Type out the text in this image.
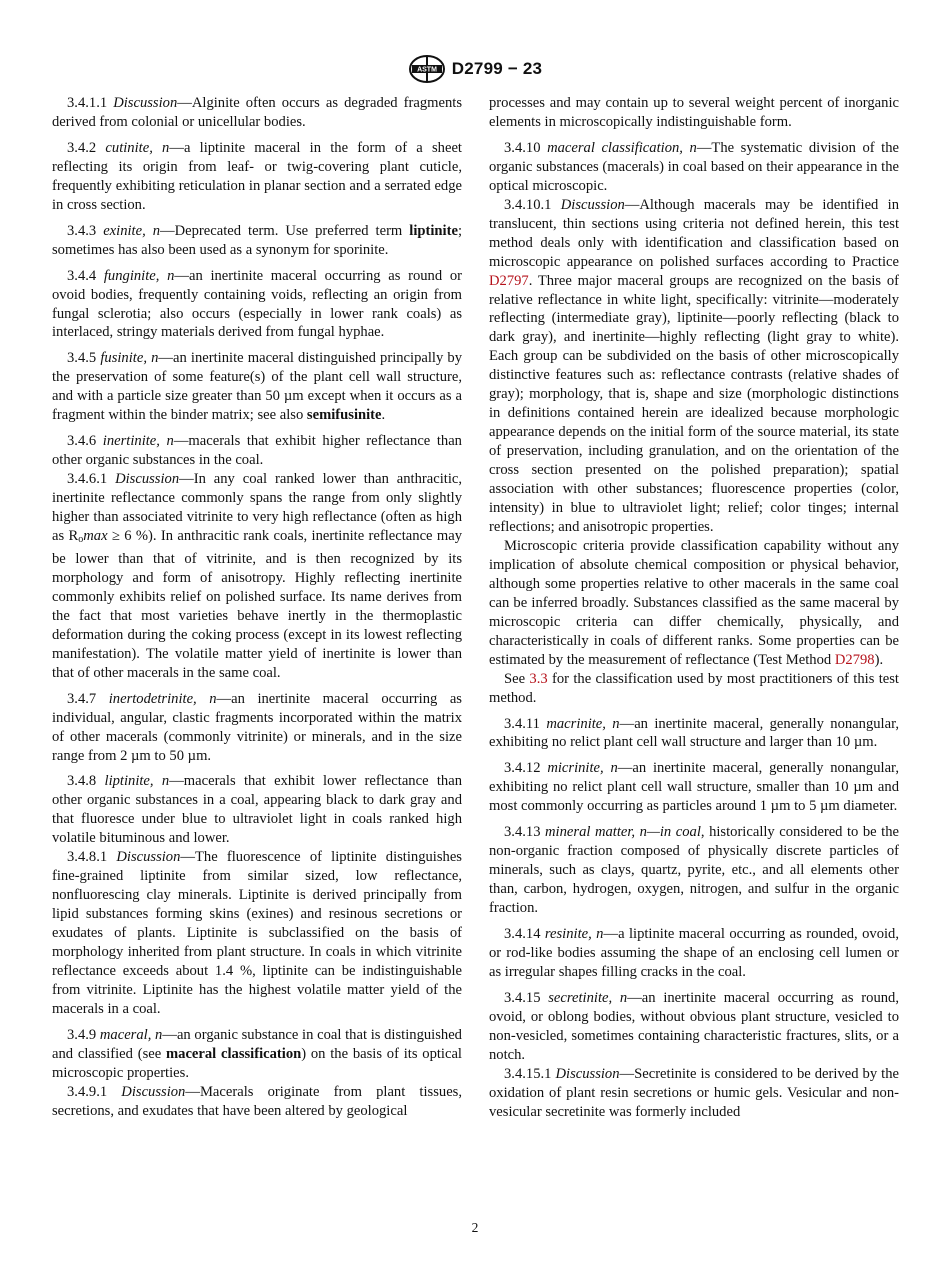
ASTM D2799 − 23

3.4.1.1 Discussion—Alginite often occurs as degraded fragments derived from colonial or unicellular bodies.

3.4.2 cutinite, n—a liptinite maceral in the form of a sheet reflecting its origin from leaf- or twig-covering plant cuticle, frequently exhibiting reticulation in planar section and a serrated edge in cross section.

3.4.3 exinite, n—Deprecated term. Use preferred term liptinite; sometimes has also been used as a synonym for sporinite.

3.4.4 funginite, n—an inertinite maceral occurring as round or ovoid bodies, frequently containing voids, reflecting an origin from fungal sclerotia; also occurs (especially in lower rank coals) as interlaced, stringy materials derived from fungal hyphae.

3.4.5 fusinite, n—an inertinite maceral distinguished principally by the preservation of some feature(s) of the plant cell wall structure, and with a particle size greater than 50 µm except when it occurs as a fragment within the binder matrix; see also semifusinite.

3.4.6 inertinite, n—macerals that exhibit higher reflectance than other organic substances in the coal.

3.4.6.1 Discussion—In any coal ranked lower than anthracitic, inertinite reflectance commonly spans the range from only slightly higher than associated vitrinite to very high reflectance (often as high as $R_o\max \ge 6$ %). In anthracitic rank coals, inertinite reflectance may be lower than that of vitrinite, and is then recognized by its morphology and form of anisotropy. Highly reflecting inertinite commonly exhibits relief on polished surface. Its name derives from the fact that most varieties behave inertly in the thermoplastic deformation during the coking process (except in its lowest reflecting manifestation). The volatile matter yield of inertinite is lower than that of other macerals in the same coal.

3.4.7 inertodetrinite, n—an inertinite maceral occurring as individual, angular, clastic fragments incorporated within the matrix of other macerals (commonly vitrinite) or minerals, and in the size range from 2 µm to 50 µm.

3.4.8 liptinite, n—macerals that exhibit lower reflectance than other organic substances in a coal, appearing black to dark gray and that fluoresce under blue to ultraviolet light in coals ranked high volatile bituminous and lower.

3.4.8.1 Discussion—The fluorescence of liptinite distinguishes fine-grained liptinite from similar sized, low reflectance, nonfluorescing clay minerals. Liptinite is derived principally from lipid substances forming skins (exines) and resinous secretions or exudates of plants. Liptinite is subclassified on the basis of morphology inherited from plant structure. In coals in which vitrinite reflectance exceeds about 1.4 %, liptinite can be indistinguishable from vitrinite. Liptinite has the highest volatile matter yield of the macerals in a coal.

3.4.9 maceral, n—an organic substance in coal that is distinguished and classified (see maceral classification) on the basis of its optical microscopic properties.

3.4.9.1 Discussion—Macerals originate from plant tissues, secretions, and exudates that have been altered by geological

processes and may contain up to several weight percent of inorganic elements in microscopically indistinguishable form.

3.4.10 maceral classification, n—The systematic division of the organic substances (macerals) in coal based on their appearance in the optical microscopic.

3.4.10.1 Discussion—Although macerals may be identified in translucent, thin sections using criteria not defined herein, this test method deals only with identification and classification based on microscopic appearance on polished surfaces according to Practice D2797. Three major maceral groups are recognized on the basis of relative reflectance in white light, specifically: vitrinite—moderately reflecting (intermediate gray), liptinite—poorly reflecting (black to dark gray), and inertinite—highly reflecting (light gray to white). Each group can be subdivided on the basis of other microscopically distinctive features such as: reflectance contrasts (relative shades of gray); morphology, that is, shape and size (morphologic distinctions in definitions contained herein are idealized because morphologic appearance depends on the initial form of the source material, its state of preservation, including granulation, and on the orientation of the cross section presented on the polished preparation); spatial association with other substances; fluorescence properties (color, intensity) in blue to ultraviolet light; relief; color tinges; internal reflections; and anisotropic properties.

Microscopic criteria provide classification capability without any implication of absolute chemical composition or physical behavior, although some properties relative to other macerals in the same coal can be inferred broadly. Substances classified as the same maceral by microscopic criteria can differ chemically, physically, and characteristically in coals of different ranks. Some properties can be estimated by the measurement of reflectance (Test Method D2798).

See 3.3 for the classification used by most practitioners of this test method.

3.4.11 macrinite, n—an inertinite maceral, generally nonangular, exhibiting no relict plant cell wall structure and larger than 10 µm.

3.4.12 micrinite, n—an inertinite maceral, generally nonangular, exhibiting no relict plant cell wall structure, smaller than 10 µm and most commonly occurring as particles around 1 µm to 5 µm diameter.

3.4.13 mineral matter, n—in coal, historically considered to be the non-organic fraction composed of physically discrete particles of minerals, such as clays, quartz, pyrite, etc., and all elements other than, carbon, hydrogen, oxygen, nitrogen, and sulfur in the organic fraction.

3.4.14 resinite, n—a liptinite maceral occurring as rounded, ovoid, or rod-like bodies assuming the shape of an enclosing cell lumen or as irregular shapes filling cracks in the coal.

3.4.15 secretinite, n—an inertinite maceral occurring as round, ovoid, or oblong bodies, without obvious plant structure, vesicled to non-vesicled, sometimes containing characteristic fractures, slits, or a notch.

3.4.15.1 Discussion—Secretinite is considered to be derived by the oxidation of plant resin secretions or humic gels. Vesicular and non-vesicular secretinite was formerly included

2
